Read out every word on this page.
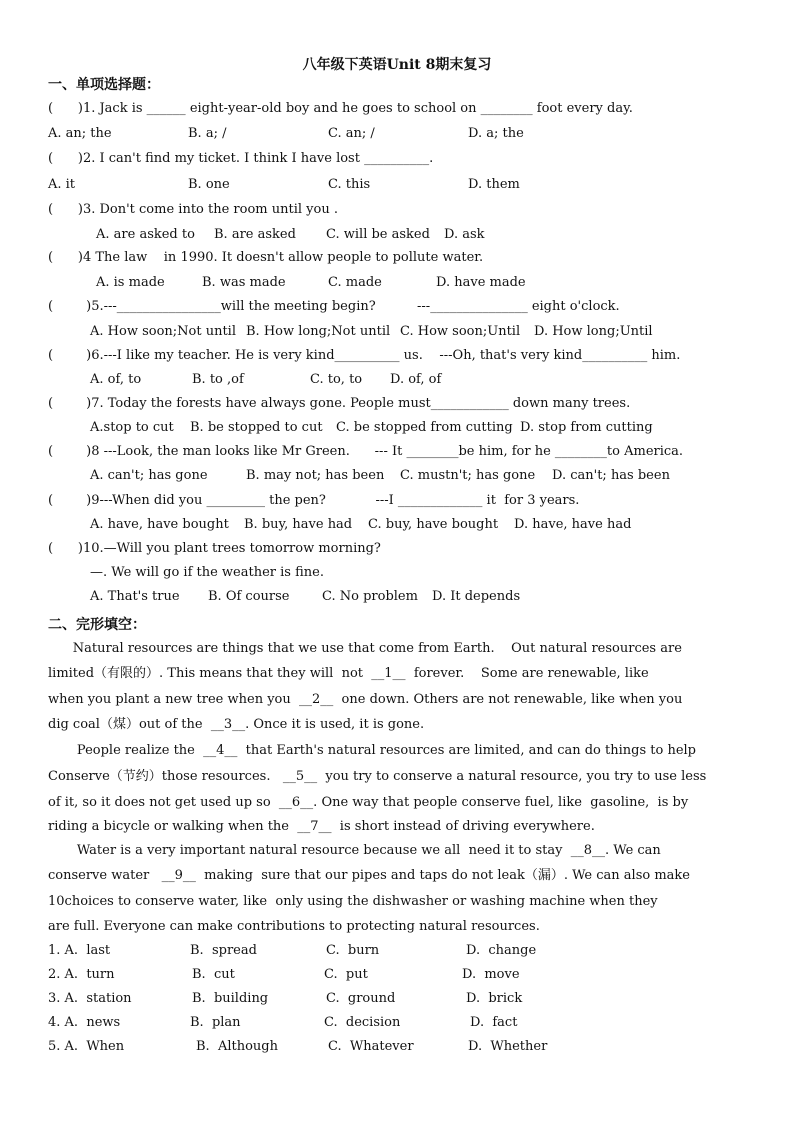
八年级下英语Unit 8期末复习
一、单项选择题：
(      )1. Jack is ______ eight-year-old boy and he goes to school on ________ foot every day.
A. an; the	B. a; /	C. an; /	D. a; the
(      )2. I can't find my ticket. I think I have lost __________.
A. it	B. one	C. this	D. them
(      )3. Don't come into the room until you .
A. are asked to B. are asked C. will be asked D. ask
(      )4 The law    in 1990. It doesn't allow people to pollute water.
A. is made	B. was made	C. made	D. have made
(        )5.---________________will the meeting begin?          ---_______________ eight o'clock.
A. How soon;Not until B. How long;Not until C. How soon;Until D. How long;Until
(        )6.---I like my teacher. He is very kind__________ us.    ---Oh, that's very kind__________ him.
A. of, to	B. to ,of	C. to, to D. of, of
(        )7. Today the forests have always gone. People must____________ down many trees.
A.stop to cut B. be stopped to cut C. be stopped from cutting D. stop from cutting
(        )8 ---Look, the man looks like Mr Green.      --- It ________be him, for he ________to America.
A. can't; has gone	B. may not; has been C. mustn't; has gone D. can't; has been
(        )9---When did you _________ the pen?            ---I _____________ it  for 3 years.
A. have, have bought B. buy, have had C. buy, have bought D. have, have had
(      )10.—Will you plant trees tomorrow morning?
—. We will go if the weather is fine.
A. That's true B. Of course	C. No problem D. It depends
二、完形填空：
Natural resources are things that we use that come from Earth.    Out natural resources are
limited（有限的）. This means that they will  not  __1__  forever.    Some are renewable, like
when you plant a new tree when you  __2__  one down. Others are not renewable, like when you
dig coal（煤）out of the  __3__. Once it is used, it is gone.
People realize the  __4__  that Earth's natural resources are limited, and can do things to help
Conserve（节约）those resources.   __5__  you try to conserve a natural resource, you try to use less
of it, so it does not get used up so  __6__. One way that people conserve fuel, like  gasoline,  is by
riding a bicycle or walking when the  __7__  is short instead of driving everywhere.
Water is a very important natural resource because we all  need it to stay  __8__. We can
conserve water   __9__  making  sure that our pipes and taps do not leak（漏）. We can also make
10choices to conserve water, like  only using the dishwasher or washing machine when they
are full. Everyone can make contributions to protecting natural resources.
1. A.  last	B.  spread	C.  burn	D.  change
2. A.  turn	B.  cut	C.  put	D.  move
3. A.  station	B.  building	C.  ground	D.  brick
4. A.  news	B.  plan	C.  decision	D.  fact
5. A.  When	B.  Although	C.  Whatever	D.  Whether
